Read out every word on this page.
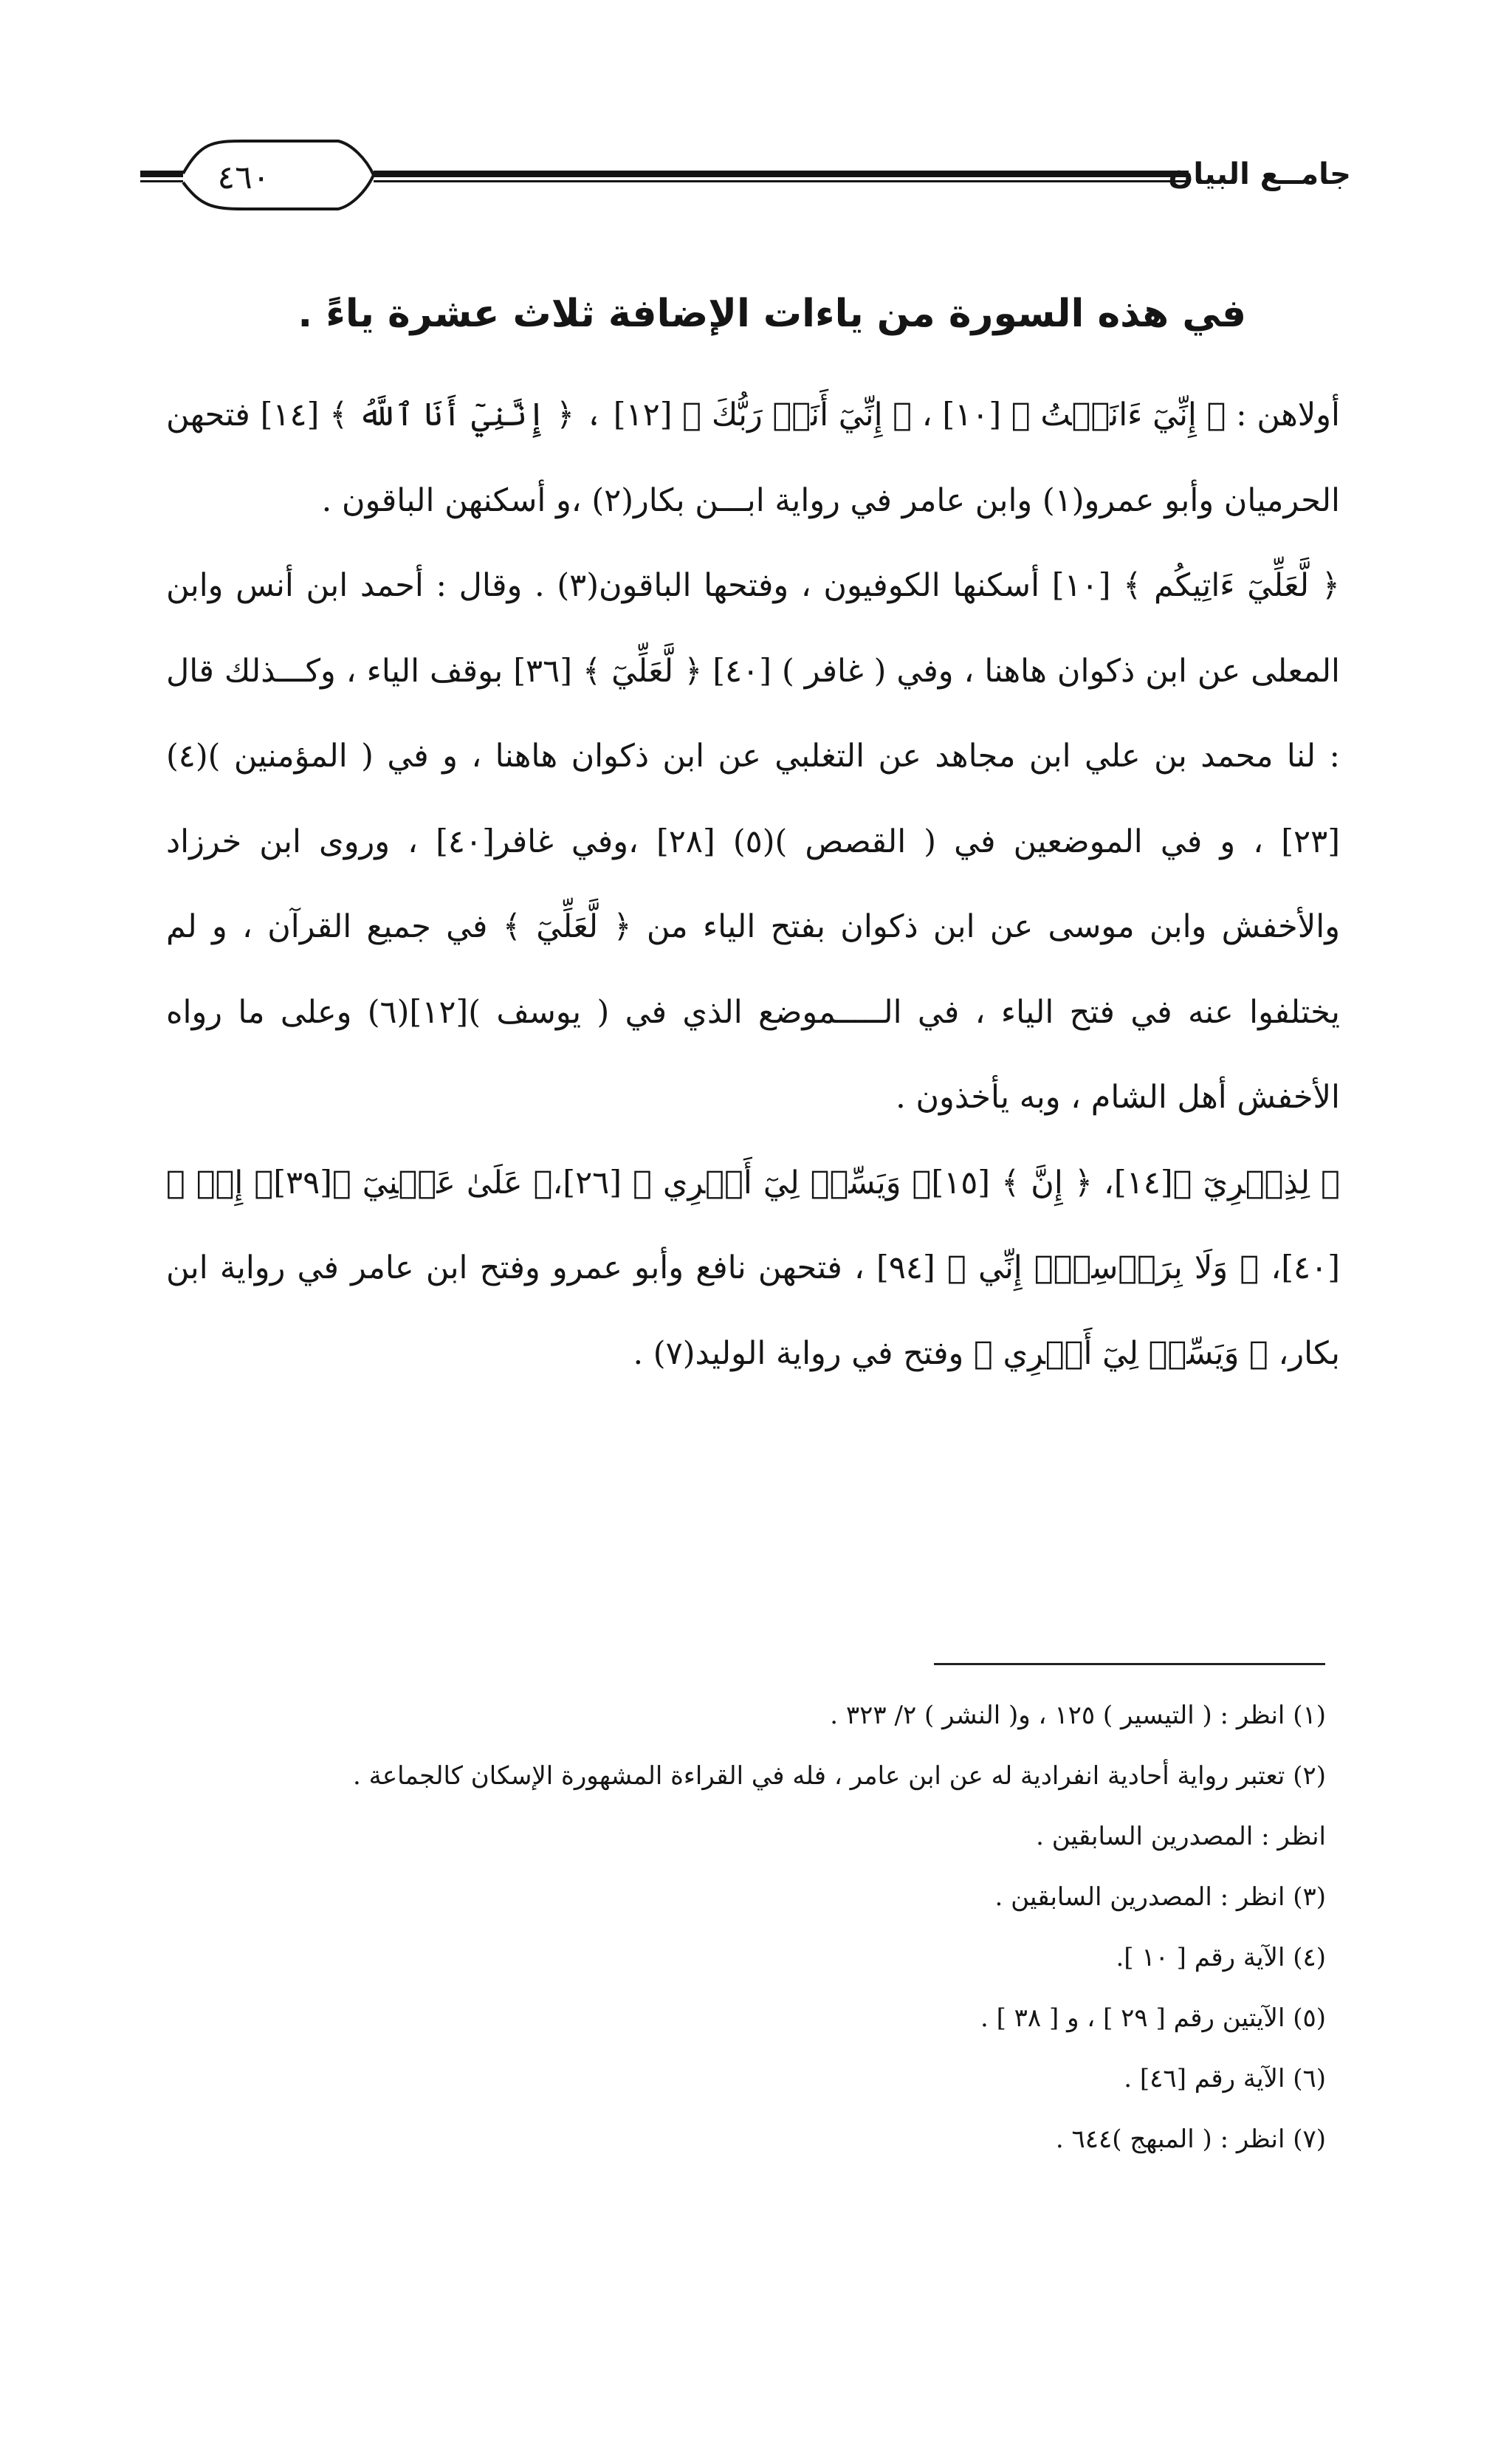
٤٦٠	جامــع البيان
في هذه السورة من ياءات الإضافة ثلاث عشرة ياءً .

أولاهن : ﴿ إِنِّيٓ ءَانَسۡتُ ﴾ [١٠] ، ﴿ إِنِّيٓ أَنَا۠ رَبُّكَ ﴾ [١٢] ، ﴿ إِنَّنِيٓ أَنَا ٱللَّهُ ﴾ [١٤] فتحهن الحرميان وأبو عمرو(١) وابن عامر في رواية ابـــن بكار(٢) ،و أسكنهن الباقون .

﴿ لَّعَلِّيٓ ءَاتِيكُم ﴾ [١٠] أسكنها الكوفيون ، وفتحها الباقون(٣) . وقال : أحمد ابن أنس وابن المعلى عن ابن ذكوان هاهنا ، وفي ( غافر ) [٤٠] ﴿ لَّعَلِّيٓ ﴾ [٣٦] بوقف الياء ، وكـــذلك قال : لنا محمد بن علي ابن مجاهد عن التغلبي عن ابن ذكوان هاهنا ، و في ( المؤمنين )(٤) [٢٣] ، و في الموضعين في ( القصص )(٥) [٢٨] ،وفي غافر[٤٠] ، وروى ابن خرزاد والأخفش وابن موسى عن ابن ذكوان بفتح الياء من ﴿ لَّعَلِّيٓ ﴾ في جميع القرآن ، و لم يختلفوا عنه في فتح الياء ، في الـــــموضع الذي في ( يوسف )[١٢](٦) وعلى ما رواه الأخفش أهل الشام ، وبه يأخذون .

﴿ لِذِكۡرِيٓ ﴾[١٤]، ﴿ إِنَّ ﴾ [١٥]﴿ وَيَسِّرۡ لِيٓ أَمۡرِي ﴾ [٢٦]،﴿ عَلَىٰ عَيۡنِيٓ ﴾[٣٩]﴿ إِذۡ ﴾[٤٠]، ﴿ وَلَا بِرَأۡسِيٓۖ إِنِّي ﴾ [٩٤] ، فتحهن نافع وأبو عمرو وفتح ابن عامر في رواية ابن بكار، ﴿ وَيَسِّرۡ لِيٓ أَمۡرِي ﴾ وفتح في رواية الوليد(٧) .

(١) انظر : ( التيسير ) ١٢٥ ، و( النشر ) ٢/ ٣٢٣ .

(٢) تعتبر رواية أحادية انفرادية له عن ابن عامر ، فله في القراءة المشهورة الإسكان كالجماعة .

انظر : المصدرين السابقين .

(٣) انظر : المصدرين السابقين .

(٤) الآية رقم [ ١٠ ].

(٥) الآيتين رقم [ ٢٩ ] ، و [ ٣٨ ] .

(٦) الآية رقم [٤٦] .

(٧) انظر : ( المبهج )٦٤٤ .
